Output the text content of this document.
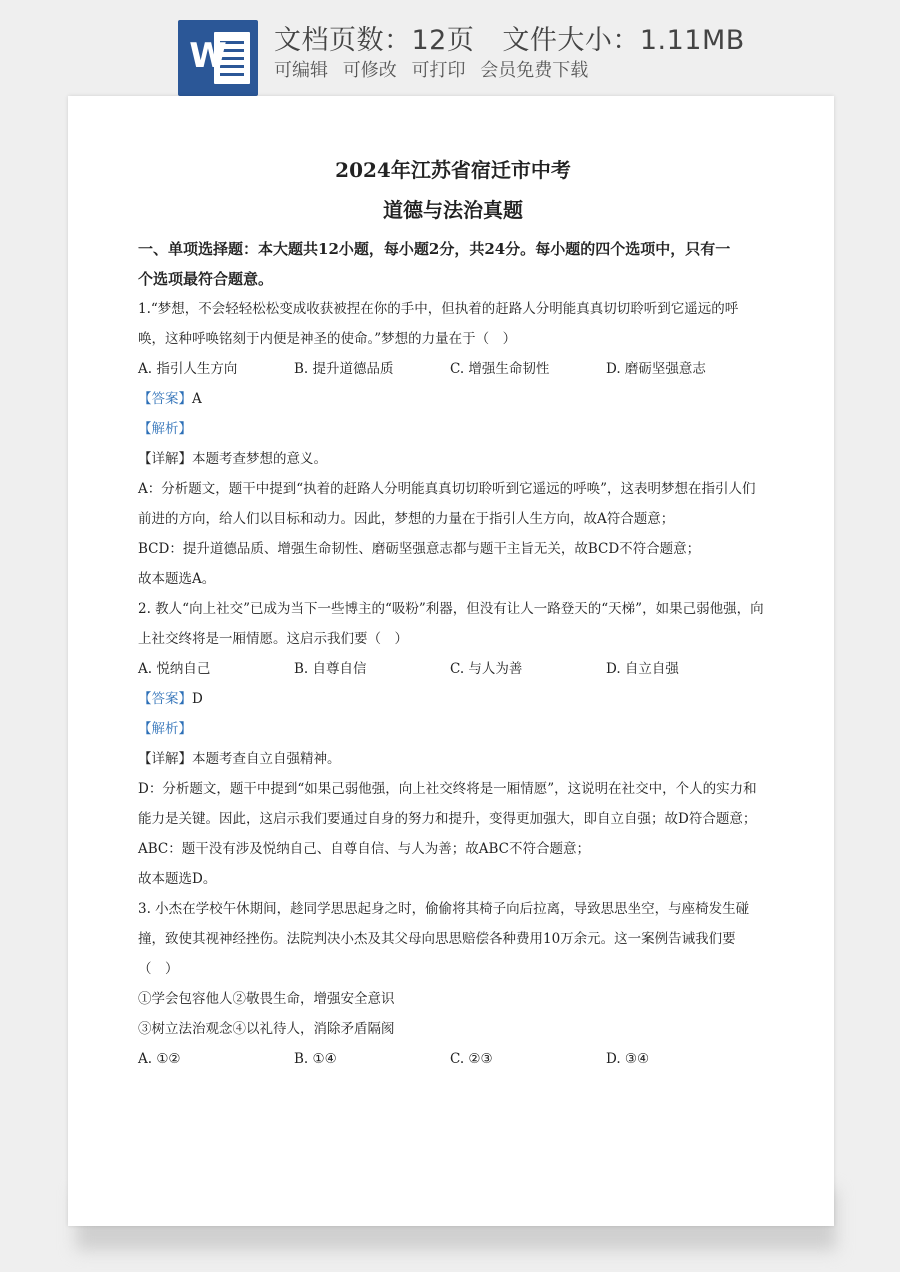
W 文档页数：12页 文件大小：1.11MB
可编辑 可修改 可打印 会员免费下载

2024年江苏省宿迁市中考

道德与法治真题

一、单项选择题：本大题共12小题，每小题2分，共24分。每小题的四个选项中，只有一

个选项最符合题意。

1.“梦想，不会轻轻松松变成收获被捏在你的手中，但执着的赶路人分明能真真切切聆听到它遥远的呼

唤，这种呼唤铭刻于内便是神圣的使命。”梦想的力量在于（　）

A. 指引人生方向	B. 提升道德品质	C. 增强生命韧性	D. 磨砺坚强意志

【答案】A

【解析】

【详解】本题考查梦想的意义。

A：分析题文，题干中提到“执着的赶路人分明能真真切切聆听到它遥远的呼唤”，这表明梦想在指引人们

前进的方向，给人们以目标和动力。因此，梦想的力量在于指引人生方向，故A符合题意；

BCD：提升道德品质、增强生命韧性、磨砺坚强意志都与题干主旨无关，故BCD不符合题意；

故本题选A。

2. 教人“向上社交”已成为当下一些博主的“吸粉”利器，但没有让人一路登天的“天梯”，如果己弱他强，向

上社交终将是一厢情愿。这启示我们要（　）

A. 悦纳自己	B. 自尊自信	C. 与人为善	D. 自立自强

【答案】D

【解析】

【详解】本题考查自立自强精神。

D：分析题文，题干中提到“如果己弱他强，向上社交终将是一厢情愿”，这说明在社交中，个人的实力和

能力是关键。因此，这启示我们要通过自身的努力和提升，变得更加强大，即自立自强；故D符合题意；

ABC：题干没有涉及悦纳自己、自尊自信、与人为善；故ABC不符合题意；

故本题选D。

3. 小杰在学校午休期间，趁同学思思起身之时，偷偷将其椅子向后拉离，导致思思坐空，与座椅发生碰

撞，致使其视神经挫伤。法院判决小杰及其父母向思思赔偿各种费用10万余元。这一案例告诫我们要

（　）

①学会包容他人②敬畏生命，增强安全意识

③树立法治观念④以礼待人，消除矛盾隔阂

A. ①②	B. ①④	C. ②③	D. ③④
